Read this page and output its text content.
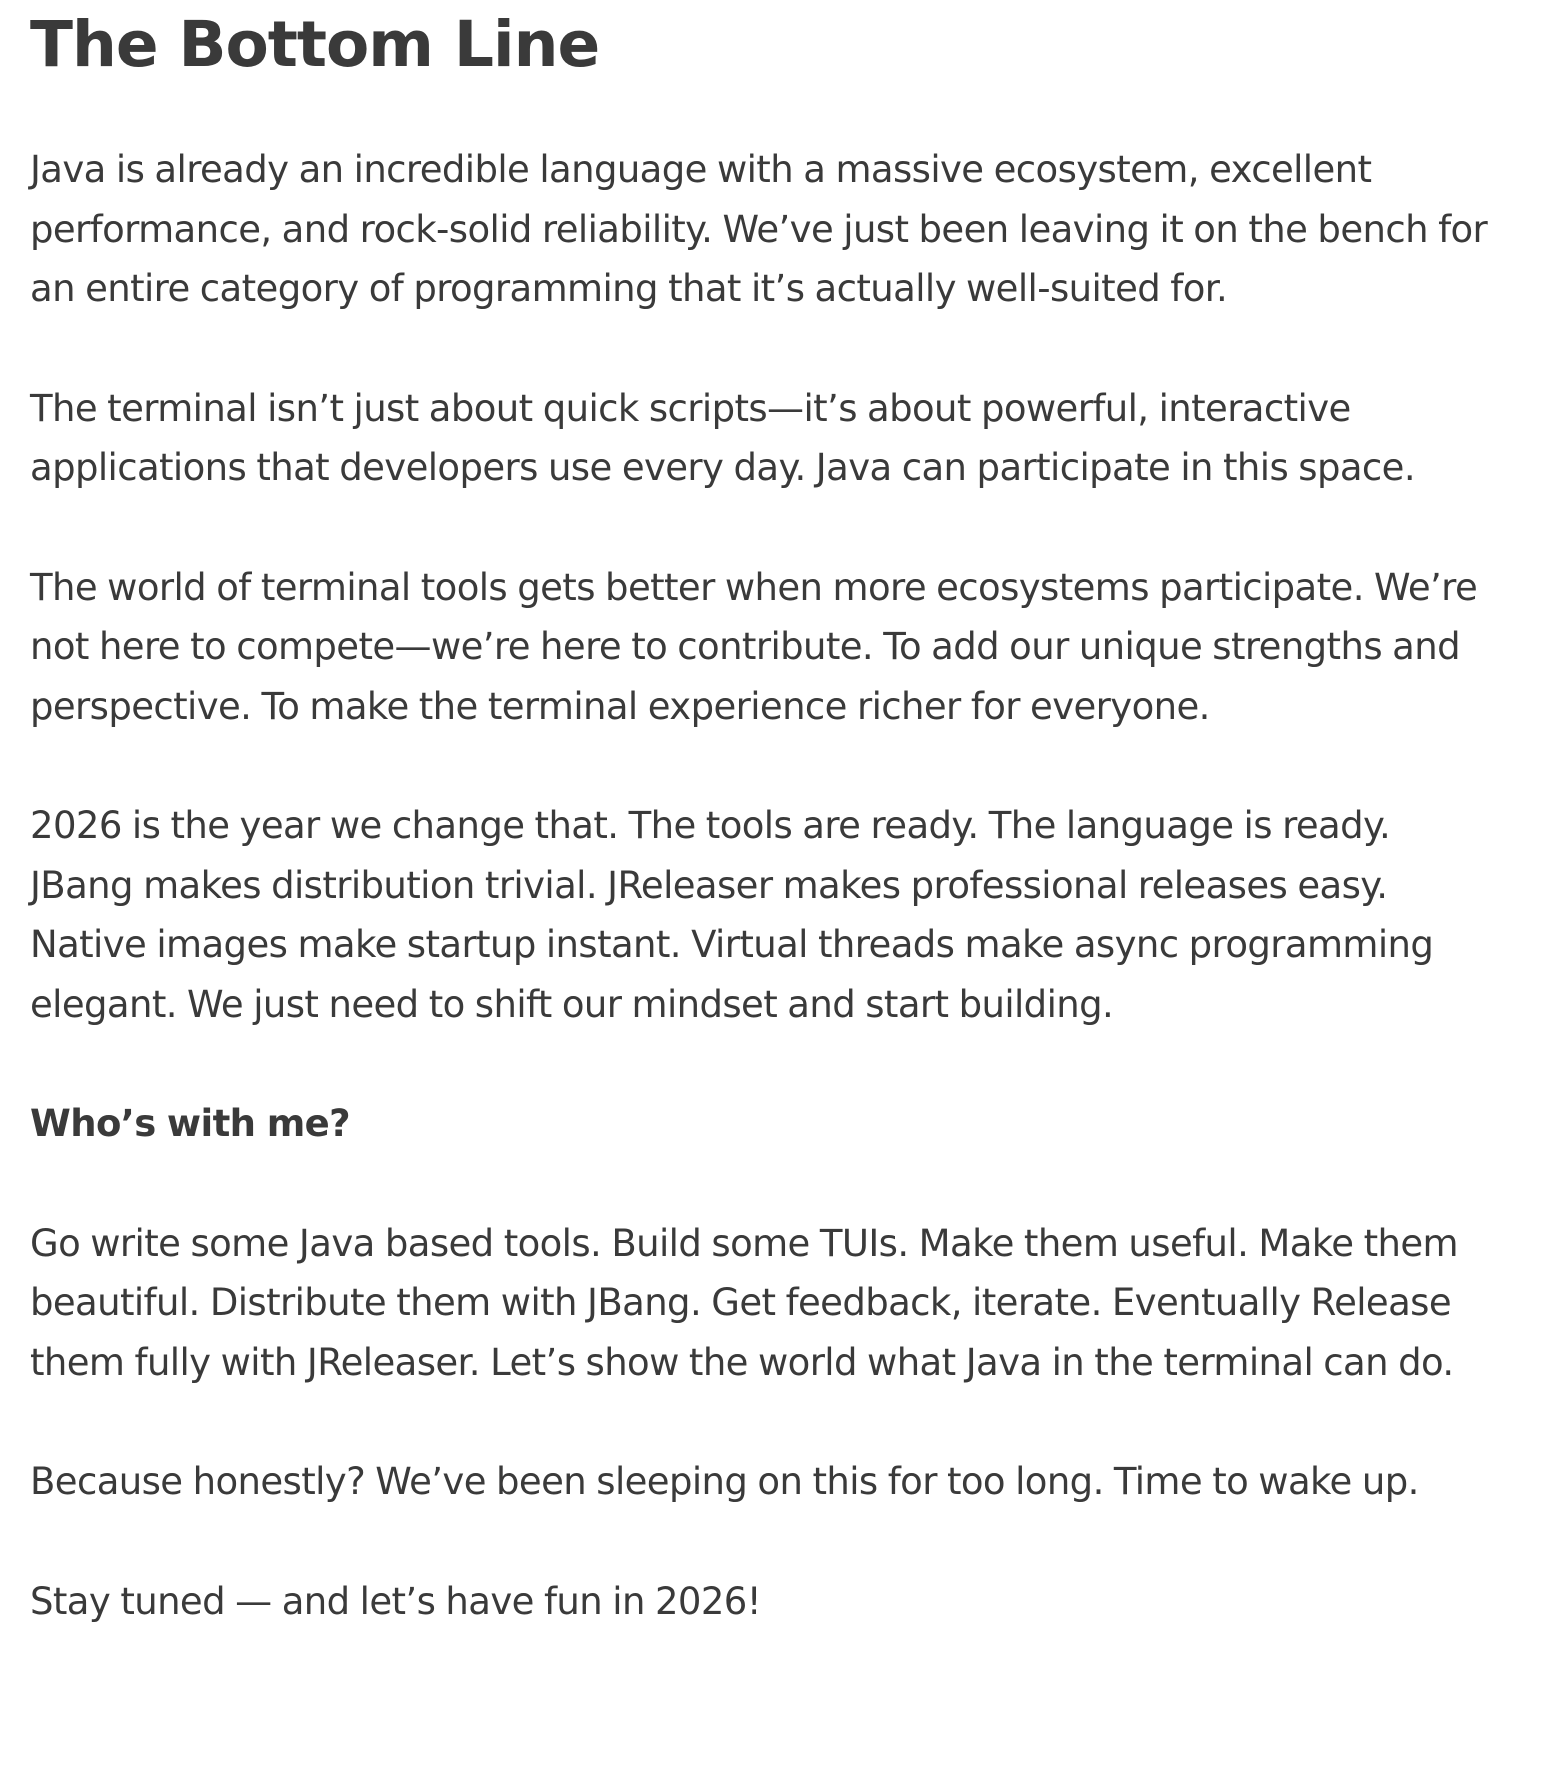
The Bottom Line

Java is already an incredible language with a massive ecosystem, excellent performance, and rock-solid reliability. We’ve just been leaving it on the bench for an entire category of programming that it’s actually well-suited for.

The terminal isn’t just about quick scripts—it’s about powerful, interactive applications that developers use every day. Java can participate in this space.

The world of terminal tools gets better when more ecosystems participate. We’re not here to compete—we’re here to contribute. To add our unique strengths and perspective. To make the terminal experience richer for everyone.

2026 is the year we change that. The tools are ready. The language is ready. JBang makes distribution trivial. JReleaser makes professional releases easy. Native images make startup instant. Virtual threads make async programming elegant. We just need to shift our mindset and start building.

Who’s with me?

Go write some Java based tools. Build some TUIs. Make them useful. Make them beautiful. Distribute them with JBang. Get feedback, iterate. Eventually Release them fully with JReleaser. Let’s show the world what Java in the terminal can do.

Because honestly? We’ve been sleeping on this for too long. Time to wake up.

Stay tuned — and let’s have fun in 2026!
